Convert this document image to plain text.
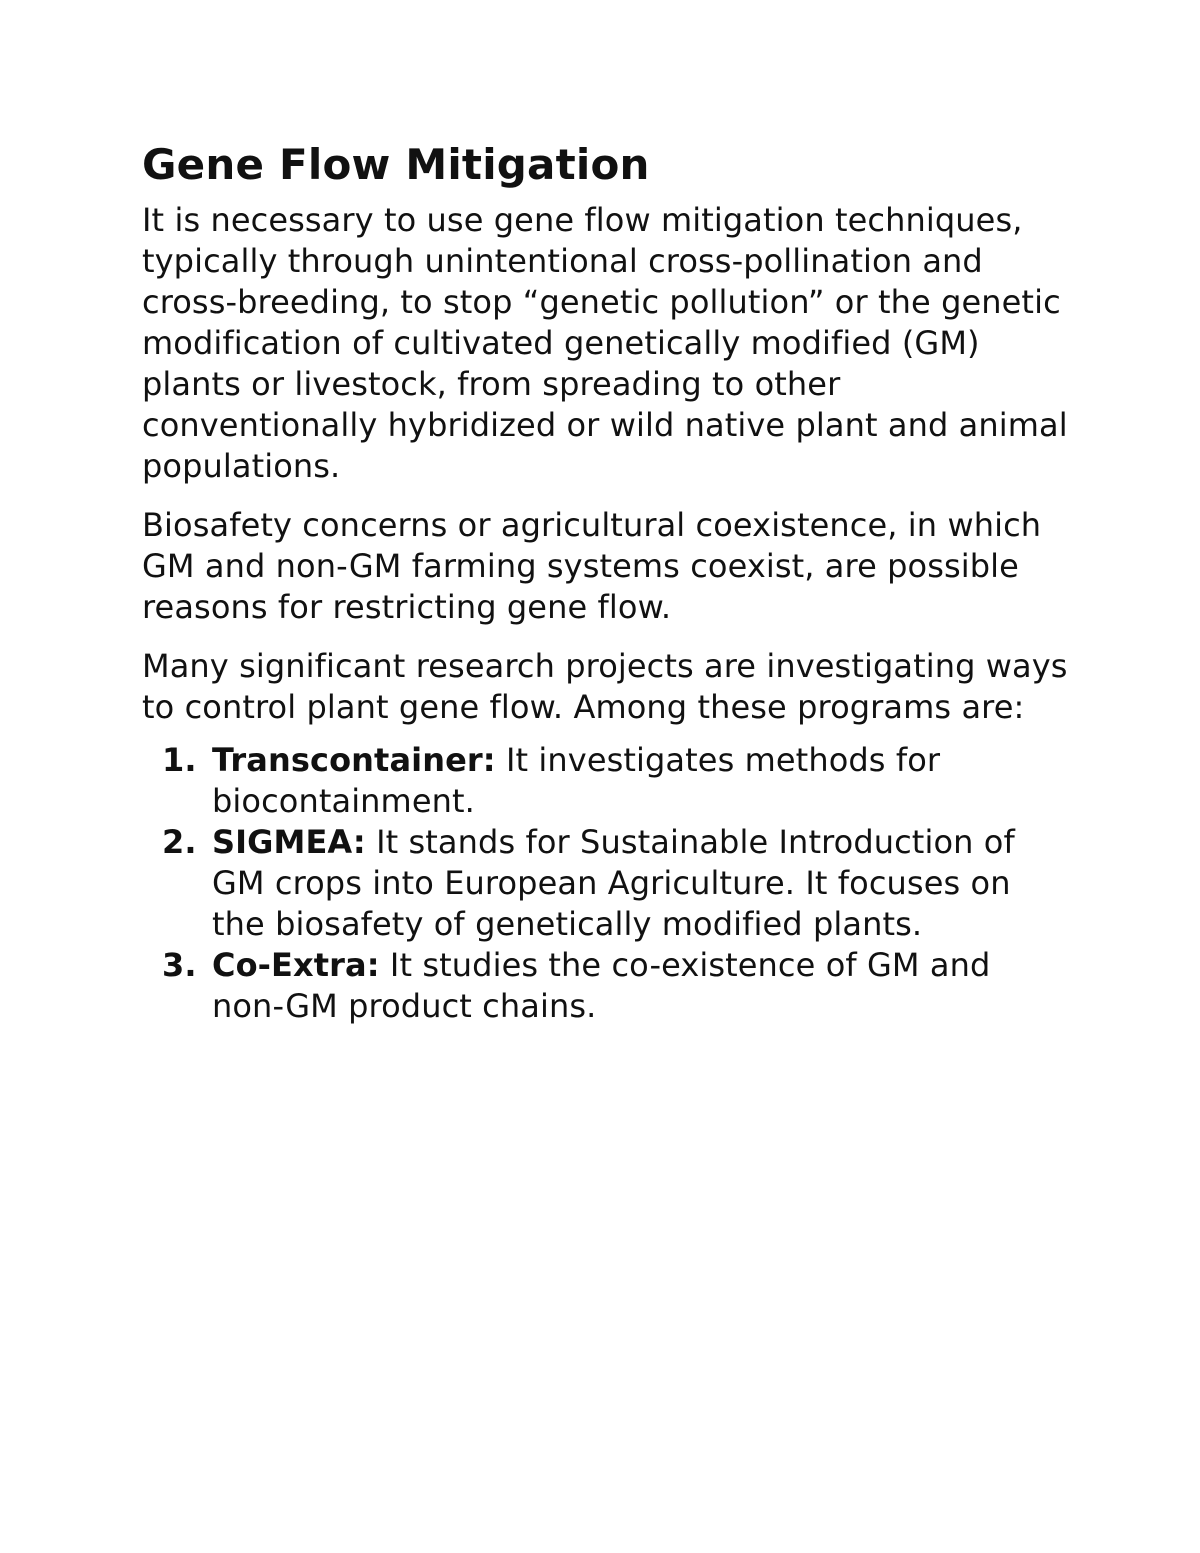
Gene Flow Mitigation

It is necessary to use gene flow mitigation techniques, typically through unintentional cross-pollination and cross-breeding, to stop “genetic pollution” or the genetic modification of cultivated genetically modified (GM) plants or livestock, from spreading to other conventionally hybridized or wild native plant and animal populations.

Biosafety concerns or agricultural coexistence, in which GM and non-GM farming systems coexist, are possible reasons for restricting gene flow.

Many significant research projects are investigating ways to control plant gene flow. Among these programs are:

1. Transcontainer: It investigates methods for biocontainment.
2. SIGMEA: It stands for Sustainable Introduction of GM crops into European Agriculture. It focuses on the biosafety of genetically modified plants.
3. Co-Extra: It studies the co-existence of GM and non-GM product chains.
